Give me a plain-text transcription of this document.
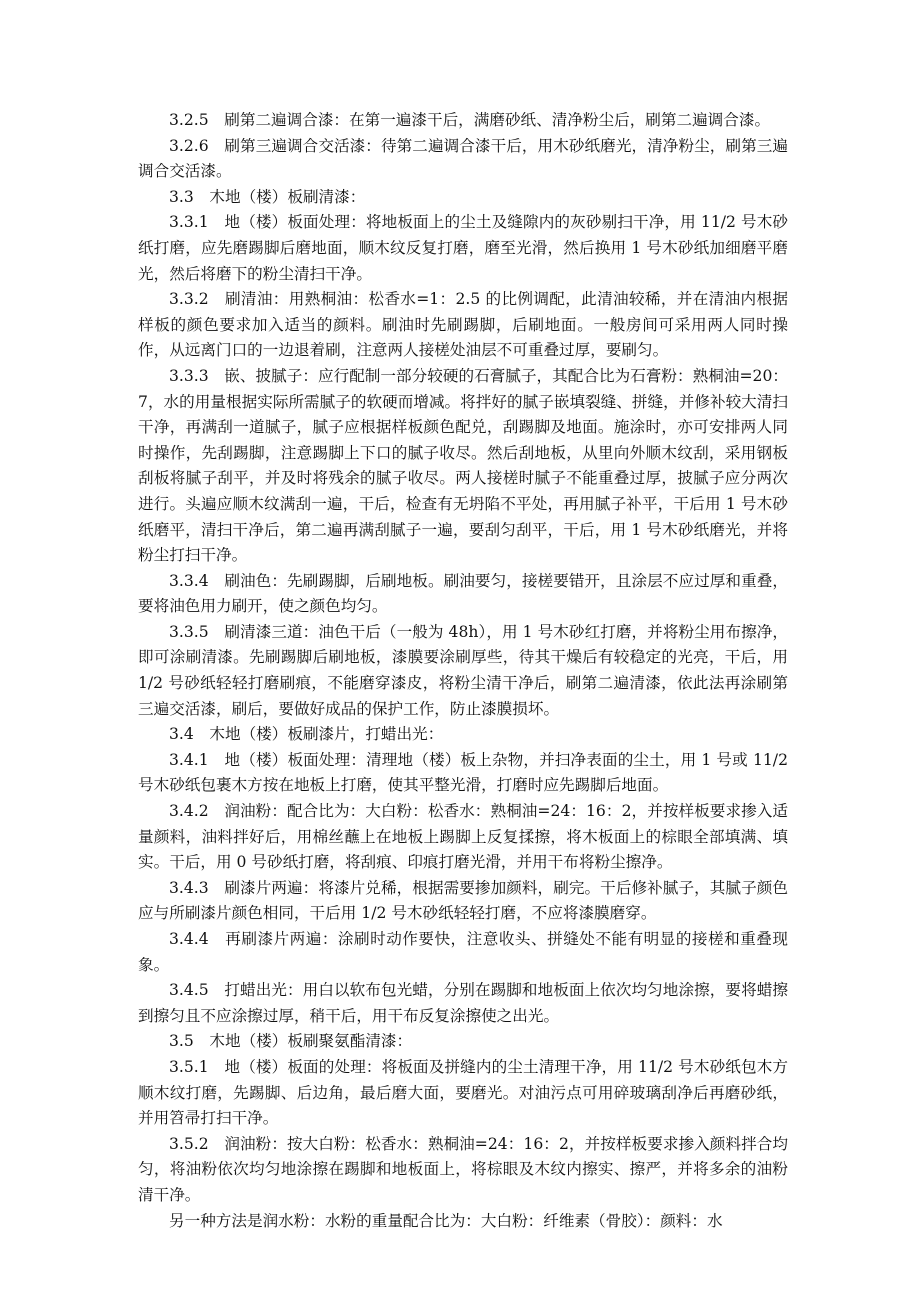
3.2.5　刷第二遍调合漆：在第一遍漆干后，满磨砂纸、清净粉尘后，刷第二遍调合漆。

3.2.6　刷第三遍调合交活漆：待第二遍调合漆干后，用木砂纸磨光，清净粉尘，刷第三遍调合交活漆。

3.3　木地（楼）板刷清漆：

3.3.1　地（楼）板面处理：将地板面上的尘土及缝隙内的灰砂剔扫干净，用 11/2 号木砂纸打磨，应先磨踢脚后磨地面，顺木纹反复打磨，磨至光滑，然后换用 1 号木砂纸加细磨平磨光，然后将磨下的粉尘清扫干净。

3.3.2　刷清油：用熟桐油：松香水=1：2.5 的比例调配，此清油较稀，并在清油内根据样板的颜色要求加入适当的颜料。刷油时先刷踢脚，后刷地面。一般房间可采用两人同时操作，从远离门口的一边退着刷，注意两人接槎处油层不可重叠过厚，要刷匀。

3.3.3　嵌、披腻子：应行配制一部分较硬的石膏腻子，其配合比为石膏粉：熟桐油=20：7，水的用量根据实际所需腻子的软硬而增减。将拌好的腻子嵌填裂缝、拼缝，并修补较大清扫干净，再满刮一道腻子，腻子应根据样板颜色配兑，刮踢脚及地面。施涂时，亦可安排两人同时操作，先刮踢脚，注意踢脚上下口的腻子收尽。然后刮地板，从里向外顺木纹刮，采用钢板刮板将腻子刮平，并及时将残余的腻子收尽。两人接槎时腻子不能重叠过厚，披腻子应分两次进行。头遍应顺木纹满刮一遍，干后，检查有无坍陷不平处，再用腻子补平，干后用 1 号木砂纸磨平，清扫干净后，第二遍再满刮腻子一遍，要刮匀刮平，干后，用 1 号木砂纸磨光，并将粉尘打扫干净。

3.3.4　刷油色：先刷踢脚，后刷地板。刷油要匀，接槎要错开，且涂层不应过厚和重叠，要将油色用力刷开，使之颜色均匀。

3.3.5　刷清漆三道：油色干后（一般为 48h），用 1 号木砂红打磨，并将粉尘用布擦净，即可涂刷清漆。先刷踢脚后刷地板，漆膜要涂刷厚些，待其干燥后有较稳定的光亮，干后，用 1/2 号砂纸轻轻打磨刷痕，不能磨穿漆皮，将粉尘清干净后，刷第二遍清漆，依此法再涂刷第三遍交活漆，刷后，要做好成品的保护工作，防止漆膜损坏。

3.4　木地（楼）板刷漆片，打蜡出光：

3.4.1　地（楼）板面处理：清理地（楼）板上杂物，并扫净表面的尘土，用 1 号或 11/2 号木砂纸包裹木方按在地板上打磨，使其平整光滑，打磨时应先踢脚后地面。

3.4.2　润油粉：配合比为：大白粉：松香水：熟桐油=24：16：2，并按样板要求掺入适量颜料，油料拌好后，用棉丝蘸上在地板上踢脚上反复揉擦，将木板面上的棕眼全部填满、填实。干后，用 0 号砂纸打磨，将刮痕、印痕打磨光滑，并用干布将粉尘擦净。

3.4.3　刷漆片两遍：将漆片兑稀，根据需要掺加颜料，刷完。干后修补腻子，其腻子颜色应与所刷漆片颜色相同，干后用 1/2 号木砂纸轻轻打磨，不应将漆膜磨穿。

3.4.4　再刷漆片两遍：涂刷时动作要快，注意收头、拼缝处不能有明显的接槎和重叠现象。

3.4.5　打蜡出光：用白以软布包光蜡，分别在踢脚和地板面上依次均匀地涂擦，要将蜡擦到擦匀且不应涂擦过厚，稍干后，用干布反复涂擦使之出光。

3.5　木地（楼）板刷聚氨酯清漆：

3.5.1　地（楼）板面的处理：将板面及拼缝内的尘土清理干净，用 11/2 号木砂纸包木方顺木纹打磨，先踢脚、后边角，最后磨大面，要磨光。对油污点可用碎玻璃刮净后再磨砂纸，并用笤帚打扫干净。

3.5.2　润油粉：按大白粉：松香水：熟桐油=24：16：2，并按样板要求掺入颜料拌合均匀，将油粉依次均匀地涂擦在踢脚和地板面上，将棕眼及木纹内擦实、擦严，并将多余的油粉清干净。

另一种方法是润水粉：水粉的重量配合比为：大白粉：纤维素（骨胶）：颜料：水
